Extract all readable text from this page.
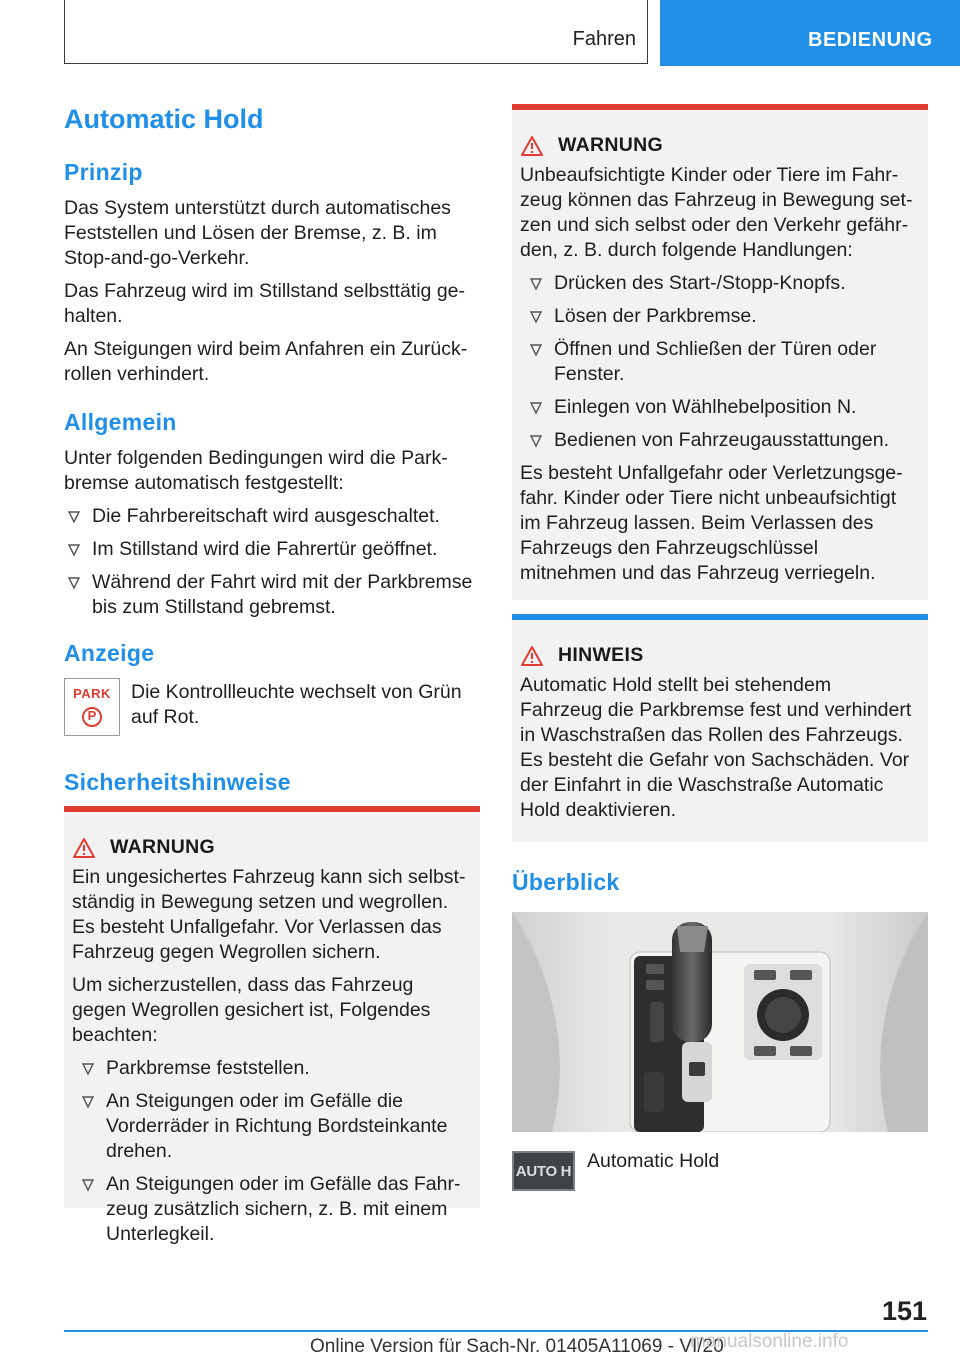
Fahren	BEDIENUNG
Automatic Hold
Prinzip

Das System unterstützt durch automatisches Feststellen und Lösen der Bremse, z. B. im Stop-and-go-Verkehr.

Das Fahrzeug wird im Stillstand selbsttätig gehalten.

An Steigungen wird beim Anfahren ein Zurückrollen verhindert.

Allgemein

Unter folgenden Bedingungen wird die Parkbremse automatisch festgestellt:

Die Fahrbereitschaft wird ausgeschaltet.
Im Stillstand wird die Fahrertür geöffnet.
Während der Fahrt wird mit der Parkbremse bis zum Stillstand gebremst.
Anzeige
PARK
P
Die Kontrollleuchte wechselt von Grün auf Rot.
Sicherheitshinweise
WARNUNG

Ein ungesichertes Fahrzeug kann sich selbstständig in Bewegung setzen und wegrollen. Es besteht Unfallgefahr. Vor Verlassen das Fahrzeug gegen Wegrollen sichern.

Um sicherzustellen, dass das Fahrzeug gegen Wegrollen gesichert ist, Folgendes beachten:

Parkbremse feststellen.
An Steigungen oder im Gefälle die Vorderräder in Richtung Bordsteinkante drehen.
An Steigungen oder im Gefälle das Fahrzeug zusätzlich sichern, z. B. mit einem Unterlegkeil.
WARNUNG

Unbeaufsichtigte Kinder oder Tiere im Fahrzeug können das Fahrzeug in Bewegung setzen und sich selbst oder den Verkehr gefährden, z. B. durch folgende Handlungen:

Drücken des Start-/Stopp-Knopfs.
Lösen der Parkbremse.
Öffnen und Schließen der Türen oder Fenster.
Einlegen von Wählhebelposition N.
Bedienen von Fahrzeugausstattungen.

Es besteht Unfallgefahr oder Verletzungsgefahr. Kinder oder Tiere nicht unbeaufsichtigt im Fahrzeug lassen. Beim Verlassen des Fahrzeugs den Fahrzeugschlüssel mitnehmen und das Fahrzeug verriegeln.

HINWEIS
Automatic Hold stellt bei stehendem Fahrzeug die Parkbremse fest und verhindert in Waschstraßen das Rollen des Fahrzeugs. Es besteht die Gefahr von Sachschäden. Vor der Einfahrt in die Waschstraße Automatic Hold deaktivieren.
Überblick
AUTO H Automatic Hold
151
Online Version für Sach-Nr. 01405A11069 - VI/20
manualsonline.info
